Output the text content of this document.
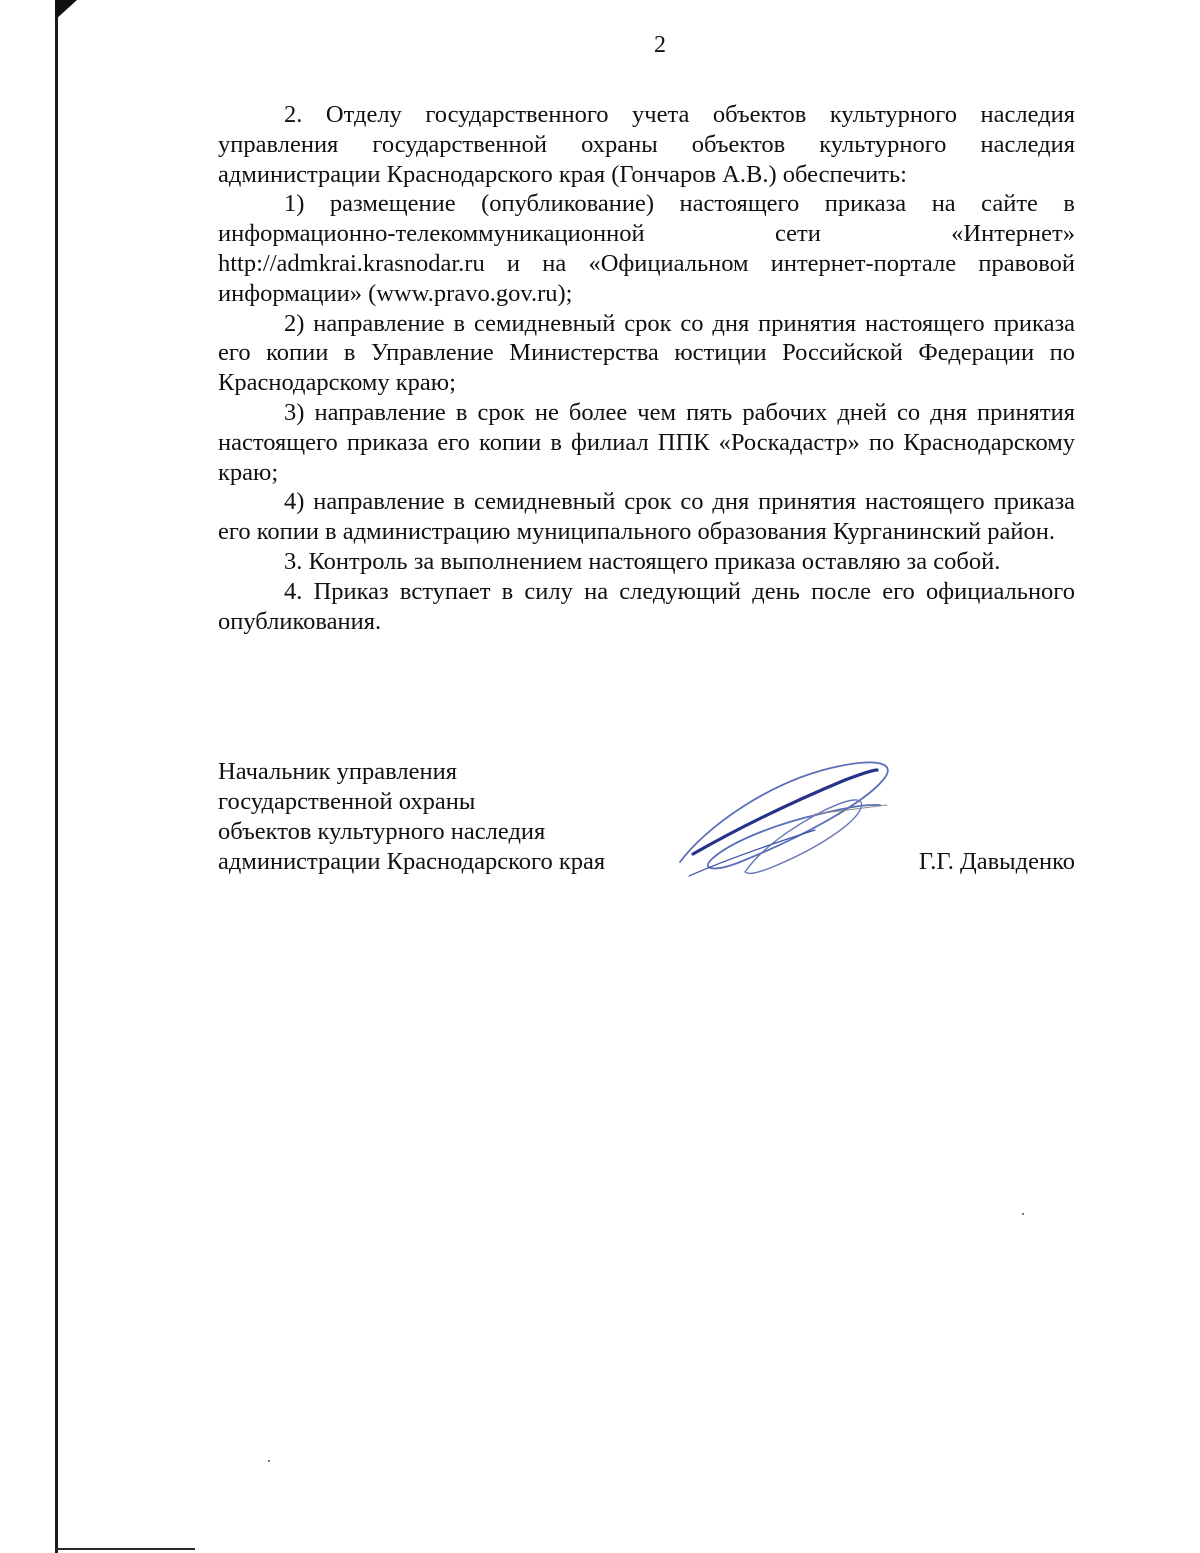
2

2. Отделу государственного учета объектов культурного наследия управления государственной охраны объектов культурного наследия администрации Краснодарского края (Гончаров А.В.) обеспечить:

1) размещение (опубликование) настоящего приказа на сайте в информационно-телекоммуникационной сети «Интернет» http://admkrai.krasnodar.ru и на «Официальном интернет-портале правовой информации» (www.pravo.gov.ru);

2) направление в семидневный срок со дня принятия настоящего приказа его копии в Управление Министерства юстиции Российской Федерации по Краснодарскому краю;

3) направление в срок не более чем пять рабочих дней со дня принятия настоящего приказа его копии в филиал ППК «Роскадастр» по Краснодарскому краю;

4) направление в семидневный срок со дня принятия настоящего приказа его копии в администрацию муниципального образования Курганинский район.

3. Контроль за выполнением настоящего приказа оставляю за собой.

4. Приказ вступает в силу на следующий день после его официального опубликования.

Начальник управления
государственной охраны
объектов культурного наследия
администрации Краснодарского края	Г.Г. Давыденко
